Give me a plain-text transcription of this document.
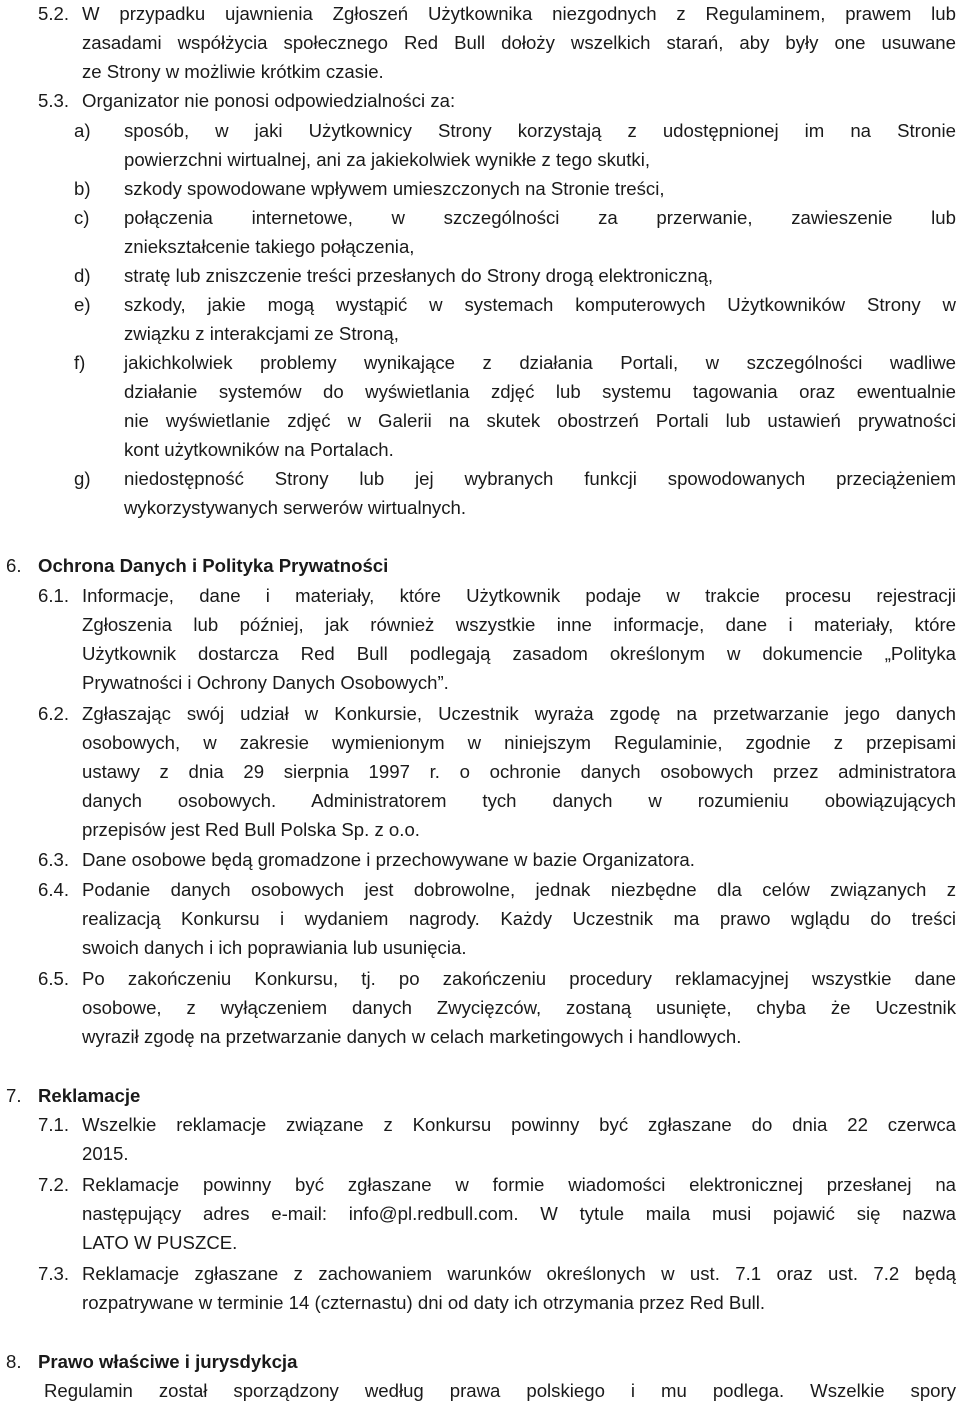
5.2. W przypadku ujawnienia Zgłoszeń Użytkownika niezgodnych z Regulaminem, prawem lub
zasadami współżycia społecznego Red Bull dołoży wszelkich starań, aby były one usuwane
ze Strony w możliwie krótkim czasie.
5.3. Organizator nie ponosi odpowiedzialności za:
a) sposób, w jaki Użytkownicy Strony korzystają z udostępnionej im na Stronie
powierzchni wirtualnej, ani za jakiekolwiek wynikłe z tego skutki,
b) szkody spowodowane wpływem umieszczonych na Stronie treści,
c) połączenia internetowe, w szczególności za przerwanie, zawieszenie lub
zniekształcenie takiego połączenia,
d) stratę lub zniszczenie treści przesłanych do Strony drogą elektroniczną,
e) szkody, jakie mogą wystąpić w systemach komputerowych Użytkowników Strony w
związku z interakcjami ze Stroną,
f) jakichkolwiek problemy wynikające z działania Portali, w szczególności wadliwe
działanie systemów do wyświetlania zdjęć lub systemu tagowania oraz ewentualnie
nie wyświetlanie zdjęć w Galerii na skutek obostrzeń Portali lub ustawień prywatności
kont użytkowników na Portalach.
g) niedostępność Strony lub jej wybranych funkcji spowodowanych przeciążeniem
wykorzystywanych serwerów wirtualnych.
6. Ochrona Danych i Polityka Prywatności
6.1. Informacje, dane i materiały, które Użytkownik podaje w trakcie procesu rejestracji
Zgłoszenia lub później, jak również wszystkie inne informacje, dane i materiały, które
Użytkownik dostarcza Red Bull podlegają zasadom określonym w dokumencie „Polityka
Prywatności i Ochrony Danych Osobowych”.
6.2. Zgłaszając swój udział w Konkursie, Uczestnik wyraża zgodę na przetwarzanie jego danych
osobowych, w zakresie wymienionym w niniejszym Regulaminie, zgodnie z przepisami
ustawy z dnia 29 sierpnia 1997 r. o ochronie danych osobowych przez administratora
danych osobowych. Administratorem tych danych w rozumieniu obowiązujących
przepisów jest Red Bull Polska Sp. z o.o.
6.3. Dane osobowe będą gromadzone i przechowywane w bazie Organizatora.
6.4. Podanie danych osobowych jest dobrowolne, jednak niezbędne dla celów związanych z
realizacją Konkursu i wydaniem nagrody. Każdy Uczestnik ma prawo wglądu do treści
swoich danych i ich poprawiania lub usunięcia.
6.5. Po zakończeniu Konkursu, tj. po zakończeniu procedury reklamacyjnej wszystkie dane
osobowe, z wyłączeniem danych Zwycięzców, zostaną usunięte, chyba że Uczestnik
wyraził zgodę na przetwarzanie danych w celach marketingowych i handlowych.
7. Reklamacje
7.1. Wszelkie reklamacje związane z Konkursu powinny być zgłaszane do dnia 22 czerwca
2015.
7.2. Reklamacje powinny być zgłaszane w formie wiadomości elektronicznej przesłanej na
następujący adres e-mail: info@pl.redbull.com. W tytule maila musi pojawić się nazwa
LATO W PUSZCE.
7.3. Reklamacje zgłaszane z zachowaniem warunków określonych w ust. 7.1 oraz ust. 7.2 będą
rozpatrywane w terminie 14 (czternastu) dni od daty ich otrzymania przez Red Bull.
8. Prawo właściwe i jurysdykcja
Regulamin został sporządzony według prawa polskiego i mu podlega. Wszelkie spory
